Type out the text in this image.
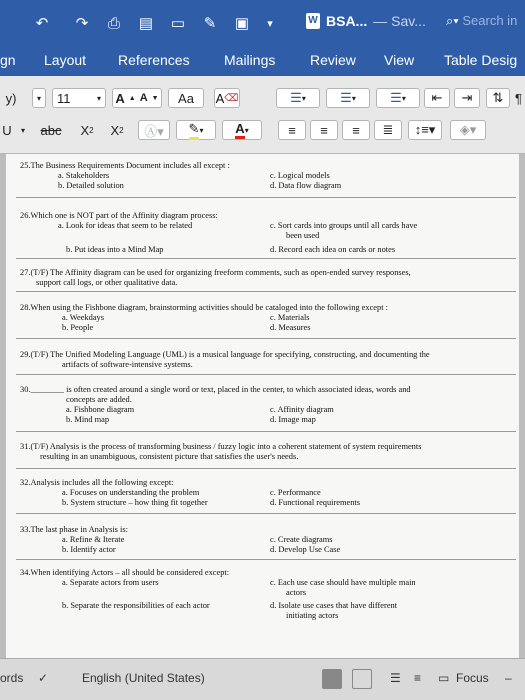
↶	↷	⎙	▤	▭	✎	▣	▾	W BSA... — Sav... ⌕▾ Search in
gn Layout References Mailings Review View Table Desig
y)	▾	11	▾ A ▲ A ▼ Aa A ⌫	☰ ▾	☰ ▾	☰ ▾	⇤	⇥	⇅ ¶
U	▾	abc	X 2 X 2	Ⓐ▾	✎ ▾ A ▾	≡	≡	≡	≣	↕≡▾	◈▾
25.The Business Requirements Document includes all except :
a. Stakeholders	c. Logical models
b. Detailed solution	d. Data flow diagram
26.Which one is NOT part of the Affinity diagram process:
a. Look for ideas that seem to be related	c. Sort cards into groups until all cards have
been used
b. Put ideas into a Mind Map	d. Record each idea on cards or notes
27.(T/F) The Affinity diagram can be used for organizing freeform comments, such as open-ended survey responses,
support call logs, or other qualitative data.
28.When using the Fishbone diagram, brainstorming activities should be cataloged into the following except :
a. Weekdays	c. Materials
b. People	d. Measures
29.(T/F) The Unified Modeling Language (UML) is a musical language for specifying, constructing, and documenting the
artifacts of software-intensive systems.
30.________ is often created around a single word or text, placed in the center, to which associated ideas, words and
concepts are added.
a. Fishbone diagram	c. Affinity diagram
b. Mind map	d. Image map
31.(T/F) Analysis is the process of transforming business / fuzzy logic into a coherent statement of system requirements
resulting in an unambiguous, consistent picture that satisfies the user's needs.
32.Analysis includes all the following except:
a. Focuses on understanding the problem	c. Performance
b. System structure – how thing fit together	d. Functional requirements
33.The last phase in Analysis is:
a. Refine & Iterate	c. Create diagrams
b. Identify actor	d. Develop Use Case
34.When identifying Actors – all should be considered except:
a. Separate actors from users	c. Each use case should have multiple main
actors
b. Separate the responsibilities of each actor	d. Isolate use cases that have different
initiating actors
ords ✓	English (United States)	☰ ≡ ▭ Focus –
